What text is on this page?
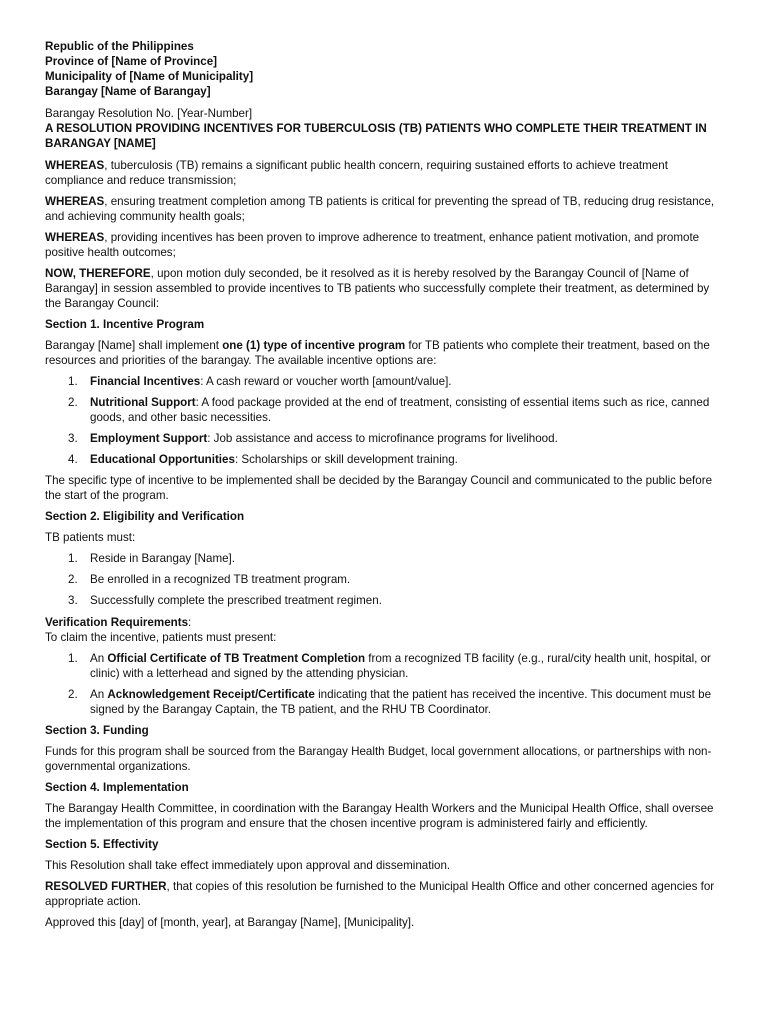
Republic of the Philippines
Province of [Name of Province]
Municipality of [Name of Municipality]
Barangay [Name of Barangay]

Barangay Resolution No. [Year-Number]
A RESOLUTION PROVIDING INCENTIVES FOR TUBERCULOSIS (TB) PATIENTS WHO COMPLETE THEIR TREATMENT IN BARANGAY [NAME]

WHEREAS, tuberculosis (TB) remains a significant public health concern, requiring sustained efforts to achieve treatment compliance and reduce transmission;

WHEREAS, ensuring treatment completion among TB patients is critical for preventing the spread of TB, reducing drug resistance, and achieving community health goals;

WHEREAS, providing incentives has been proven to improve adherence to treatment, enhance patient motivation, and promote positive health outcomes;

NOW, THEREFORE, upon motion duly seconded, be it resolved as it is hereby resolved by the Barangay Council of [Name of Barangay] in session assembled to provide incentives to TB patients who successfully complete their treatment, as determined by the Barangay Council:

Section 1. Incentive Program

Barangay [Name] shall implement one (1) type of incentive program for TB patients who complete their treatment, based on the resources and priorities of the barangay. The available incentive options are:

1. Financial Incentives: A cash reward or voucher worth [amount/value].
2. Nutritional Support: A food package provided at the end of treatment, consisting of essential items such as rice, canned goods, and other basic necessities.
3. Employment Support: Job assistance and access to microfinance programs for livelihood.
4. Educational Opportunities: Scholarships or skill development training.

The specific type of incentive to be implemented shall be decided by the Barangay Council and communicated to the public before the start of the program.

Section 2. Eligibility and Verification

TB patients must:

1. Reside in Barangay [Name].
2. Be enrolled in a recognized TB treatment program.
3. Successfully complete the prescribed treatment regimen.

Verification Requirements:
To claim the incentive, patients must present:

1. An Official Certificate of TB Treatment Completion from a recognized TB facility (e.g., rural/city health unit, hospital, or clinic) with a letterhead and signed by the attending physician.
2. An Acknowledgement Receipt/Certificate indicating that the patient has received the incentive. This document must be signed by the Barangay Captain, the TB patient, and the RHU TB Coordinator.
Section 3. Funding

Funds for this program shall be sourced from the Barangay Health Budget, local government allocations, or partnerships with non-governmental organizations.

Section 4. Implementation

The Barangay Health Committee, in coordination with the Barangay Health Workers and the Municipal Health Office, shall oversee the implementation of this program and ensure that the chosen incentive program is administered fairly and efficiently.

Section 5. Effectivity

This Resolution shall take effect immediately upon approval and dissemination.

RESOLVED FURTHER, that copies of this resolution be furnished to the Municipal Health Office and other concerned agencies for appropriate action.

Approved this [day] of [month, year], at Barangay [Name], [Municipality].
